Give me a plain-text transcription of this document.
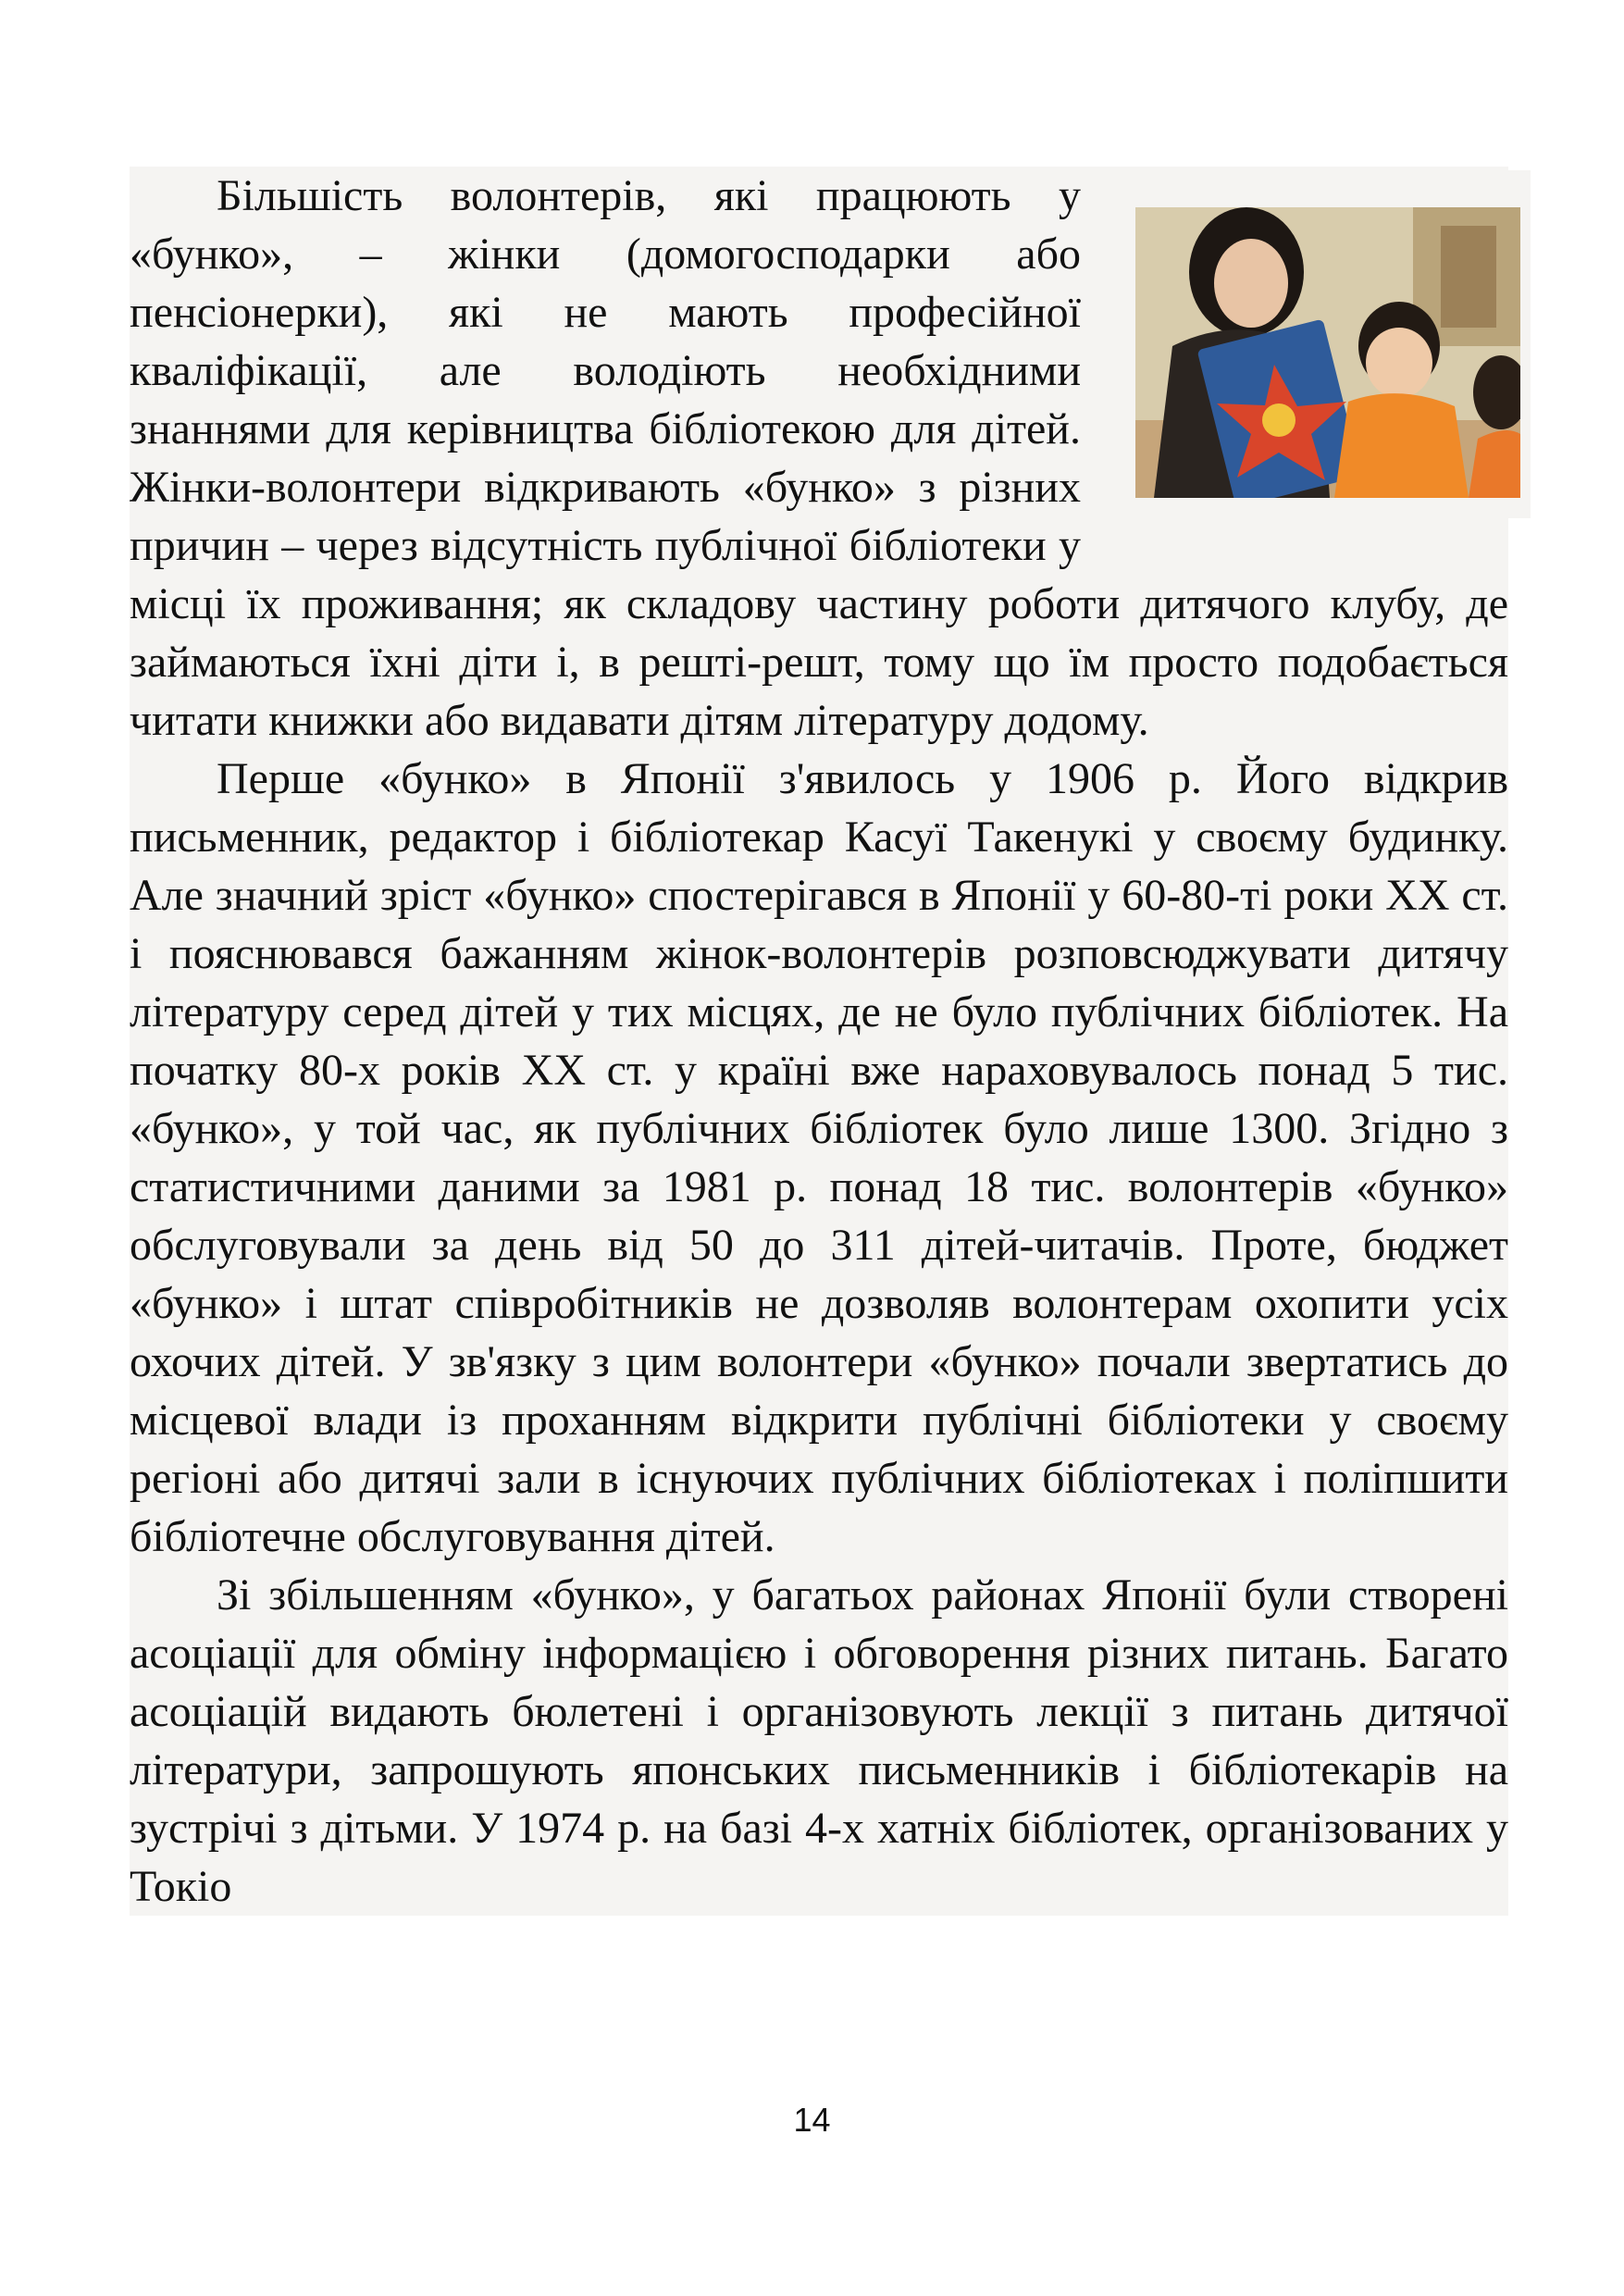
Більшість волонтерів, які працюють у «бунко», – жінки (домогосподарки або пенсіонерки), які не мають професійної кваліфікації, але володіють необхідними знаннями для керівництва бібліотекою для дітей. Жінки-волонтери відкривають «бунко» з різних причин – через відсутність публічної бібліотеки у місці їх проживання; як складову частину роботи дитячого клубу, де займаються їхні діти і, в решті-решт, тому що їм просто подобається читати книжки або видавати дітям літературу додому.

Перше «бунко» в Японії з'явилось у 1906 р. Його відкрив письменник, редактор і бібліотекар Касуї Такенукі у своєму будинку. Але значний зріст «бунко» спостерігався в Японії у 60-80-ті роки XX ст. і пояснювався бажанням жінок-волонтерів розповсюджувати дитячу літературу серед дітей у тих місцях, де не було публічних бібліотек. На початку 80-х років XX ст. у країні вже нараховувалось понад 5 тис. «бунко», у той час, як публічних бібліотек було лише 1300. Згідно з статистичними даними за 1981 р. понад 18 тис. волонтерів «бунко» обслуговували за день від 50 до 311 дітей-читачів. Проте, бюджет «бунко» і штат співробітників не дозволяв волонтерам охопити усіх охочих дітей. У зв'язку з цим волонтери «бунко» почали звертатись до місцевої влади із проханням відкрити публічні бібліотеки у своєму регіоні або дитячі зали в існуючих публічних бібліотеках і поліпшити бібліотечне обслуговування дітей.

Зі збільшенням «бунко», у багатьох районах Японії були створені асоціації для обміну інформацією і обговорення різних питань. Багато асоціацій видають бюлетені і організовують лекції з питань дитячої літератури, запрошують японських письменників і бібліотекарів на зустрічі з дітьми. У 1974 р. на базі 4-х хатніх бібліотек, організованих у Токіо

14
